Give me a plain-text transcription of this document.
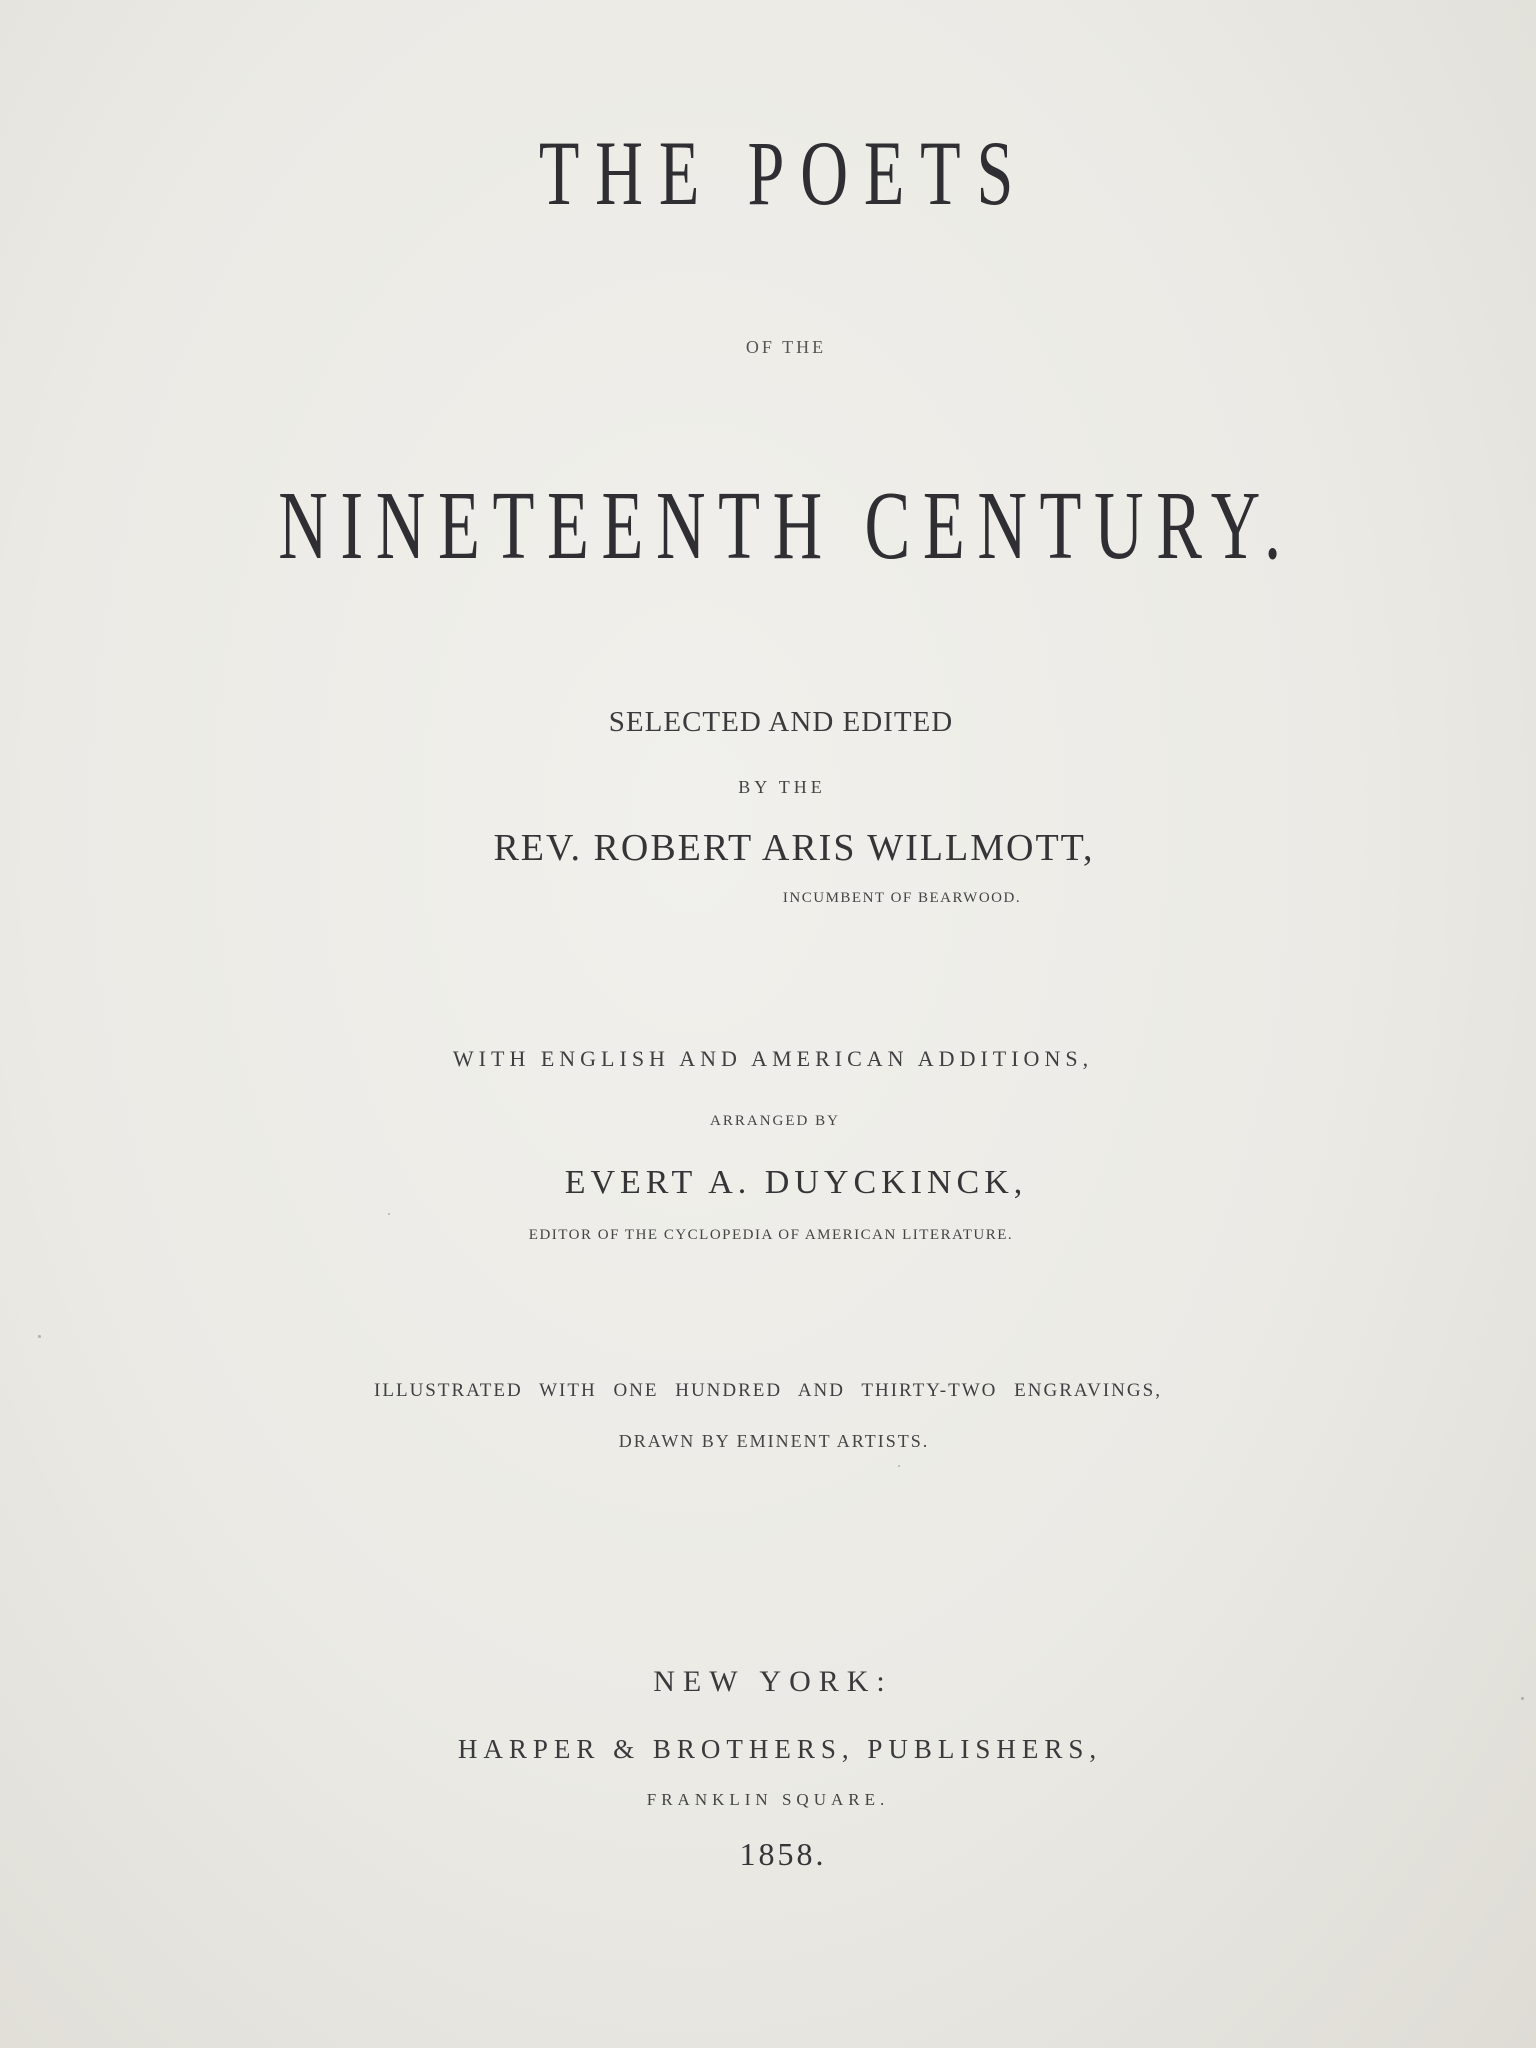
THE POETS
OF THE
NINETEENTH CENTURY.
SELECTED AND EDITED
BY THE
REV. ROBERT ARIS WILLMOTT,
INCUMBENT OF BEARWOOD.
WITH ENGLISH AND AMERICAN ADDITIONS,
ARRANGED BY
EVERT A. DUYCKINCK,
EDITOR OF THE CYCLOPEDIA OF AMERICAN LITERATURE.
ILLUSTRATED WITH ONE HUNDRED AND THIRTY-TWO ENGRAVINGS,
DRAWN BY EMINENT ARTISTS.
NEW YORK:
HARPER & BROTHERS, PUBLISHERS,
FRANKLIN SQUARE.
1858.
